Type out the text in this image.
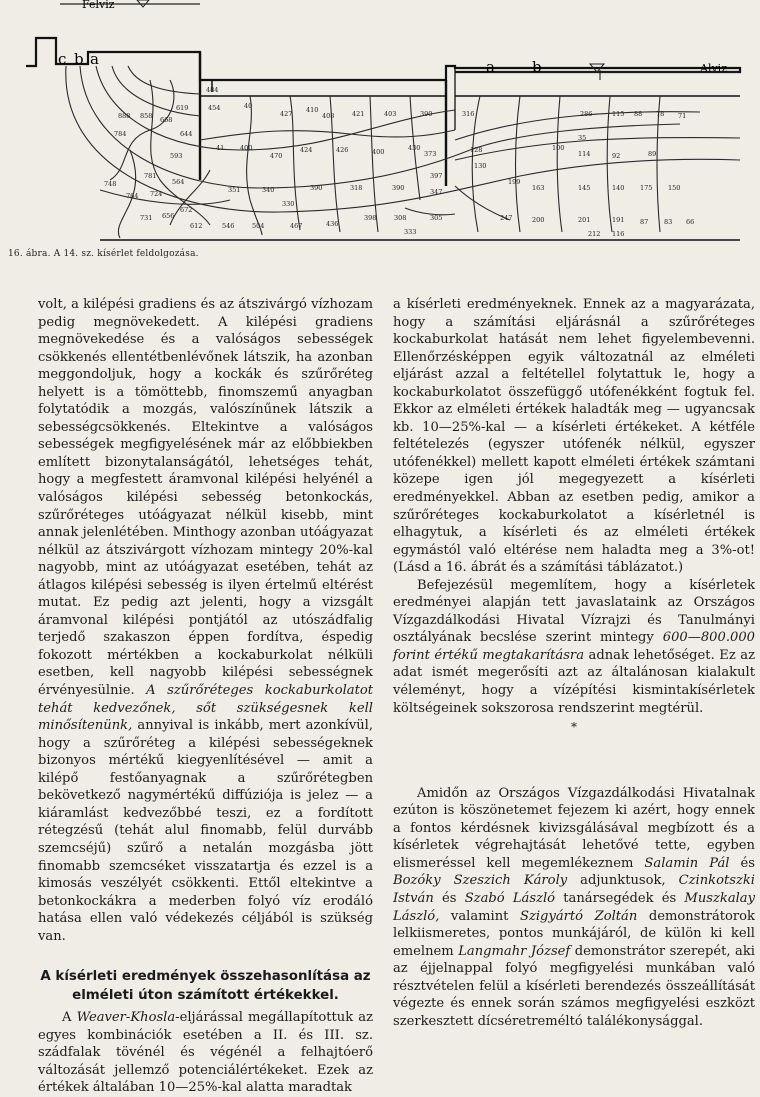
Felviz
Alviz
c b a	a b
888 858
784
668
619
644
593
564
748
781
764 724
731 656
672
612
484
454	40
427 410
408	421	403	390
41 400
470
424	426	400	430
373
390	390
397
351	340	318
330
546	504	467	436
398	308
347
305
333
316	286	115 88 78 71
100
35
114	92	89
128
150
199
163	145	140 175
130
247	200	201	191
212 116
87 83 66
16. ábra. A 14. sz. kísérlet feldolgozása.

volt, a kilépési gradiens és az átszivárgó vízhozam pedig megnövekedett. A kilépési gradiens megnövekedése és a valóságos sebességek csökkenés ellentétbenlévőnek látszik, ha azonban meggondoljuk, hogy a kockák és szűrőréteg helyett is a tömöttebb, finomszemű anyagban folytatódik a mozgás, valószínűnek látszik a sebességcsökkenés. Eltekintve a valóságos sebességek megfigyelésének már az előbbiekben említett bizonytalanságától, lehetséges tehát, hogy a megfestett áramvonal kilépési helyénél a valóságos kilépési sebesség betonkockás, szűrőréteges utóágyazat nélkül kisebb, mint annak jelenlétében. Minthogy azonban utóágyazat nélkül az átszivárgott vízhozam mintegy 20%-kal nagyobb, mint az utóágyazat esetében, tehát az átlagos kilépési sebesség is ilyen értelmű eltérést mutat. Ez pedig azt jelenti, hogy a vizsgált áramvonal kilépési pontjától az utószádfalig terjedő szakaszon éppen fordítva, éspedig fokozott mértékben a kockaburkolat nélküli esetben, kell nagyobb kilépési sebességnek érvényesülnie. A szűrőréteges kockaburkolatot tehát kedvezőnek, sőt szükségesnek kell minősítenünk, annyival is inkább, mert azonkívül, hogy a szűrőréteg a kilépési sebességeknek bizonyos mértékű kiegyenlítésével — amit a kilépő festőanyagnak a szűrőrétegben bekövetkező nagymértékű diffúziója is jelez — a kiáramlást kedvezőbbé teszi, ez a fordított rétegzésű (tehát alul finomabb, felül durvább szemcséjű) szűrő a netalán mozgásba jött finomabb szemcséket visszatartja és ezzel is a kimosás veszélyét csökkenti. Ettől eltekintve a betonkockákra a mederben folyó víz erodáló hatása ellen való védekezés céljából is szükség van.

A kísérleti eredmények összehasonlítása az elméleti úton számított értékekkel.

A Weaver-Khosla-eljárással megállapítottuk az egyes kombinációk esetében a II. és III. sz. szádfalak tövénél és végénél a felhajtóerő változását jellemző potenciálértékeket. Ezek az értékek általában 10—25%-kal alatta maradtak

a kísérleti eredményeknek. Ennek az a magyarázata, hogy a számítási eljárásnál a szűrőréteges kockaburkolat hatását nem lehet figyelembevenni. Ellenőrzésképpen egyik változatnál az elméleti eljárást azzal a feltétellel folytattuk le, hogy a kockaburkolatot összefüggő utófenékként fogtuk fel. Ekkor az elméleti értékek haladták meg — ugyancsak kb. 10—25%-kal — a kísérleti értékeket. A kétféle feltételezés (egyszer utófenék nélkül, egyszer utófenékkel) mellett kapott elméleti értékek számtani közepe igen jól megegyezett a kísérleti eredményekkel. Abban az esetben pedig, amikor a szűrőréteges kockaburkolatot a kísérletnél is elhagytuk, a kísérleti és az elméleti értékek egymástól való eltérése nem haladta meg a 3%-ot! (Lásd a 16. ábrát és a számítási táblázatot.)

Befejezésül megemlítem, hogy a kísérletek eredményei alapján tett javaslataink az Országos Vízgazdálkodási Hivatal Vízrajzi és Tanulmányi osztályának becslése szerint mintegy 600—800.000 forint értékű megtakarításra adnak lehetőséget. Ez az adat ismét megerősíti azt az általánosan kialakult véleményt, hogy a vízépítési kismintakísérletek költségeinek sokszorosa rendszerint megtérül.

*

Amidőn az Országos Vízgazdálkodási Hivatalnak ezúton is köszönetemet fejezem ki azért, hogy ennek a fontos kérdésnek kivizsgálásával megbízott és a kísérletek végrehajtását lehetővé tette, egyben elismeréssel kell megemlékeznem Salamin Pál és Bozóky Szeszich Károly adjunktusok, Czinkotszki István és Szabó László tanársegédek és Muszkalay László, valamint Szigyártó Zoltán demonstrátorok lelkiismeretes, pontos munkájáról, de külön ki kell emelnem Langmahr József demonstrátor szerepét, aki az éjjelnappal folyó megfigyelési munkában való résztvételen felül a kísérleti berendezés összeállítását végezte és ennek során számos megfigyelési eszközt szerkesztett dícséretreméltó találékonysággal.
